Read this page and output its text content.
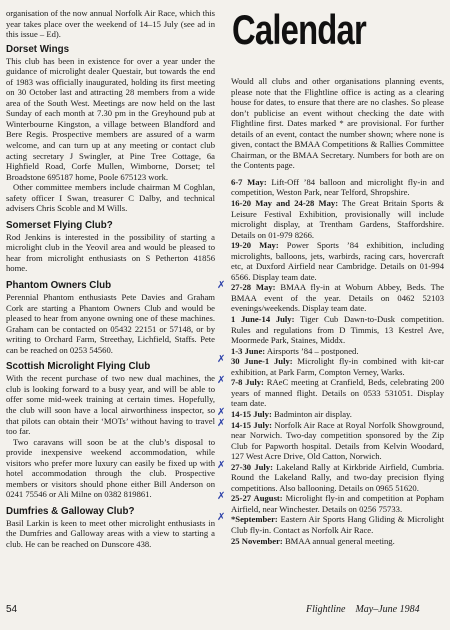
organisation of the now annual Norfolk Air Race, which this year takes place over the weekend of 14–15 July (see ad in this issue – Ed).

Dorset Wings

This club has been in existence for over a year under the guidance of microlight dealer Questair, but towards the end of 1983 was officially inaugurated, holding its first meeting on 30 October last and attracting 28 members from a wide area of the South West. Meetings are now held on the last Sunday of each month at 7.30 pm in the Greyhound pub at Winterbourne Kingston, a village between Blandford and Bere Regis. Prospective members are assured of a warm welcome, and can turn up at any meeting or contact club acting secretary J Swingler, at Pine Tree Cottage, 6a Highfield Road, Corfe Mullen, Wimborne, Dorset; tel Broadstone 695187 home, Poole 675123 work.

Other committee members include chairman M Coghlan, safety officer I Swan, treasurer C Dalby, and technical advisers Chris Scoble and M Wills.

Somerset Flying Club?

Rod Jenkins is interested in the possibility of starting a microlight club in the Yeovil area and would be pleased to hear from microlight enthusiasts on S Petherton 41856 home.

Phantom Owners Club

Perennial Phantom enthusiasts Pete Davies and Graham Cork are starting a Phantom Owners Club and would be pleased to hear from anyone owning one of these machines. Graham can be contacted on 05432 22151 or 57148, or by writing to Orchard Farm, Streethay, Lichfield, Staffs. Pete can be reached on 0253 54560.

Scottish Microlight Flying Club

With the recent purchase of two new dual machines, the club is looking forward to a busy year, and will be able to offer some mid-week training at certain times. Hopefully, the club will soon have a local airworthiness inspector, so that pilots can obtain their ‘MOTs’ without having to travel too far.

Two caravans will soon be at the club’s disposal to provide inexpensive weekend accommodation, while visitors who prefer more luxury can easily be fixed up with hotel accommodation through the club. Prospective members or visitors should phone either Bill Anderson on 0241 75546 or Ali Milne on 0382 819861.

Dumfries & Galloway Club?

Basil Larkin is keen to meet other microlight enthusiasts in the Dumfries and Galloway areas with a view to starting a club. He can be reached on Dunscore 438.

Calendar

Would all clubs and other organisations planning events, please note that the Flightline office is acting as a clearing house for dates, to ensure that there are no clashes. So please don’t publicise an event without checking the date with Flightline first. Dates marked * are provisional. For further details of an event, contact the number shown; where none is given, contact the BMAA Competitions & Rallies Committee Chairman, or the BMAA Secretary. Numbers for both are on the Contents page.

6-7 May: Lift-Off ’84 balloon and microlight fly-in and competition, Weston Park, near Telford, Shropshire.

16-20 May and 24-28 May: The Great Britain Sports & Leisure Festival Exhibition, provisionally will include microlight display, at Trentham Gardens, Staffordshire. Details on 01-979 8266.

19-20 May: Power Sports ’84 exhibition, including microlights, balloons, jets, warbirds, racing cars, hovercraft etc, at Duxford Airfield near Cambridge. Details on 01-994 6566. Display team date.

✗ 27-28 May: BMAA fly-in at Woburn Abbey, Beds. The BMAA event of the year. Details on 0462 52103 evenings/weekends. Display team date.

1 June-14 July: Tiger Cub Dawn-to-Dusk competition. Rules and regulations from D Timmis, 13 Kestrel Ave, Moormede Park, Staines, Middx.

1-3 June: Airsports ’84 – postponed.

✗ 30 June-1 July: Microlight fly-in combined with kit-car exhibition, at Park Farm, Compton Verney, Warks.

✗ 7-8 July: RAeC meeting at Cranfield, Beds, celebrating 200 years of manned flight. Details on 0533 531051. Display team date.

✗ 14-15 July: Badminton air display.

✗ 14-15 July: Norfolk Air Race at Royal Norfolk Showground, near Norwich. Two-day competition sponsored by the Zip Club for Papworth hospital. Details from Kelvin Woodard, 127 West Acre Drive, Old Catton, Norwich.

✗ 27-30 July: Lakeland Rally at Kirkbride Airfield, Cumbria. Round the Lakeland Rally, and two-day precision flying competitions. Also ballooning. Details on 0965 51620.

✗ 25-27 August: Microlight fly-in and competition at Popham Airfield, near Winchester. Details on 0256 75733.

✗ *September: Eastern Air Sports Hang Gliding & Microlight Club fly-in. Contact as Norfolk Air Race.

25 November: BMAA annual general meeting.

54	Flightline May–June 1984
